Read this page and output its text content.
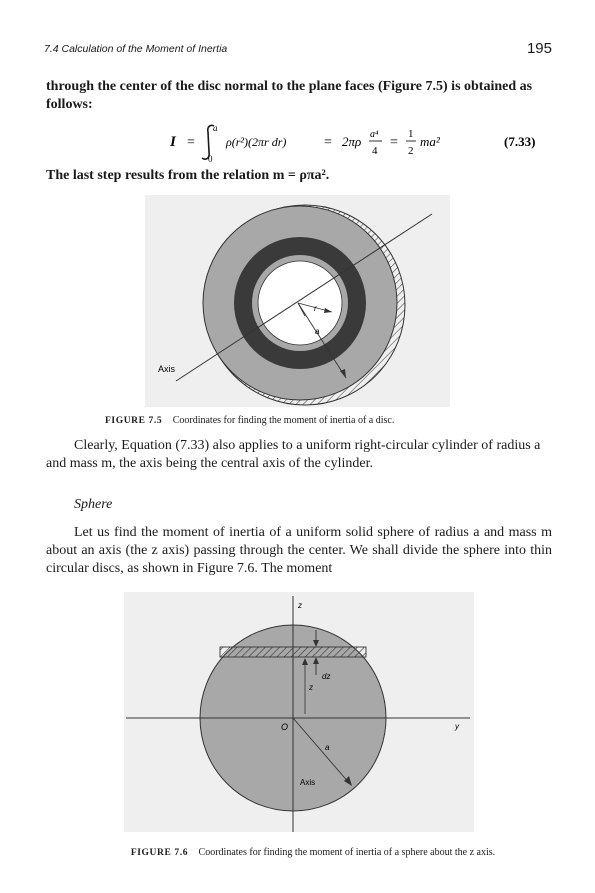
7.4 Calculation of the Moment of Inertia	195
through the center of the disc normal to the plane faces (Figure 7.5) is obtained as follows:
I =
a
0
ρ(r²)(2πr dr)	= 2πρ a⁴
4
=
1
2
ma²	(7.33)
The last step results from the relation m = ρπa².
r
a
Axis
FIGURE 7.5 Coordinates for finding the moment of inertia of a disc.
Clearly, Equation (7.33) also applies to a uniform right-circular cylinder of radius a and mass m, the axis being the central axis of the cylinder.
Sphere
Let us find the moment of inertia of a uniform solid sphere of radius a and mass m about an axis (the z axis) passing through the center. We shall divide the sphere into thin circular discs, as shown in Figure 7.6. The moment
z
y
O
dz
z
a
Axis
FIGURE 7.6 Coordinates for finding the moment of inertia of a sphere about the z axis.
